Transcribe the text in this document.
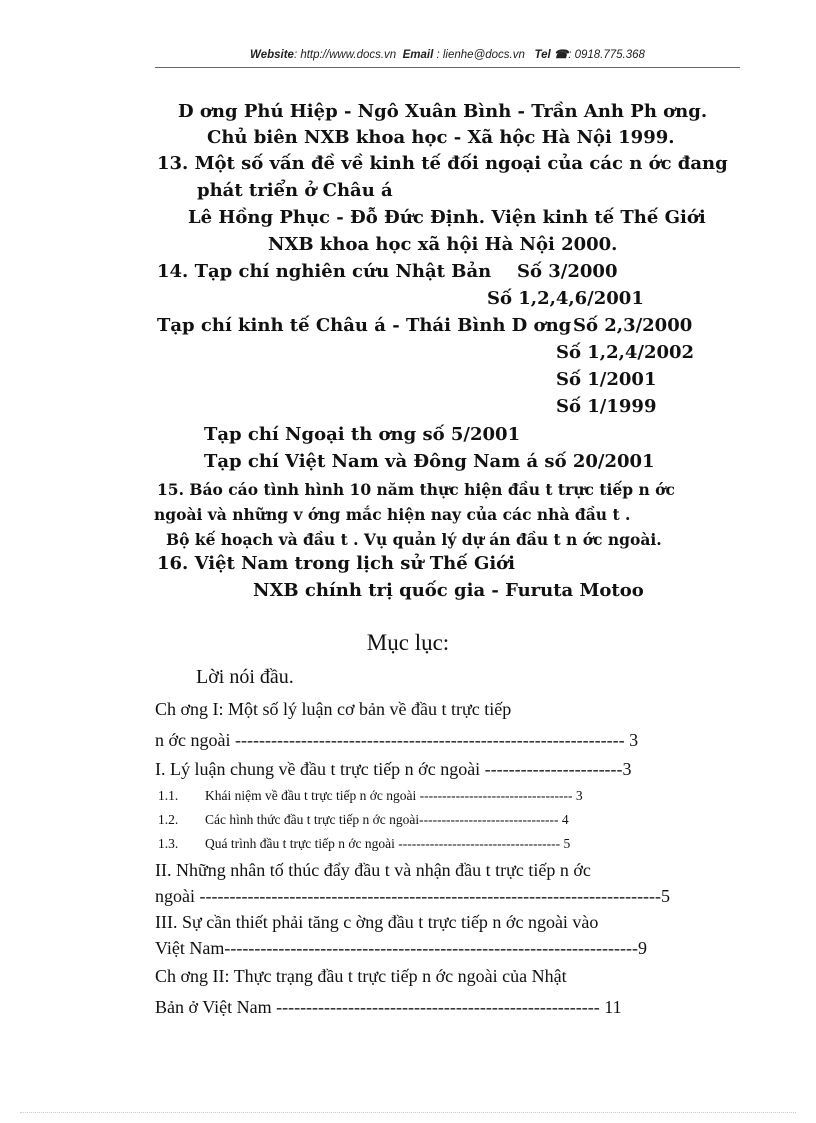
Website: http://www.docs.vn Email : lienhe@docs.vn Tel ☎: 0918.775.368
D ơng Phú Hiệp - Ngô Xuân Bình - Trần Anh Ph ơng.
Chủ biên NXB khoa học - Xã hộc Hà Nội 1999.
13. Một số vấn đề về kinh tế đối ngoại của các n ớc đang
phát triển ở Châu á
Lê Hồng Phục - Đỗ Đức Định. Viện kinh tế Thế Giới
NXB khoa học xã hội Hà Nội 2000.
14. Tạp chí nghiên cứu Nhật Bản Số 3/2000
Số 1,2,4,6/2001
Tạp chí kinh tế Châu á - Thái Bình D ơng Số 2,3/2000
Số 1,2,4/2002
Số 1/2001
Số 1/1999
Tạp chí Ngoại th ơng số 5/2001
Tạp chí Việt Nam và Đông Nam á số 20/2001
15. Báo cáo tình hình 10 năm thực hiện đầu t trực tiếp n ớc
ngoài và những v ớng mắc hiện nay của các nhà đầu t .
Bộ kế hoạch và đầu t . Vụ quản lý dự án đầu t n ớc ngoài.
16. Việt Nam trong lịch sử Thế Giới
NXB chính trị quốc gia - Furuta Motoo
Mục lục:
Lời nói đầu.
Ch ơng I: Một số lý luận cơ bản về đầu t trực tiếp
n ớc ngoài ----------------------------------------------------------------- 3
I. Lý luận chung về đầu t trực tiếp n ớc ngoài -----------------------3
1.1. Khái niệm về đầu t trực tiếp n ớc ngoài ---------------------------------- 3
1.2. Các hình thức đầu t trực tiếp n ớc ngoài------------------------------- 4
1.3. Quá trình đầu t trực tiếp n ớc ngoài ------------------------------------ 5
II. Những nhân tố thúc đẩy đầu t và nhận đầu t trực tiếp n ớc
ngoài -----------------------------------------------------------------------------5
III. Sự cần thiết phải tăng c ờng đầu t trực tiếp n ớc ngoài vào
Việt Nam---------------------------------------------------------------------9
Ch ơng II: Thực trạng đầu t trực tiếp n ớc ngoài của Nhật
Bản ở Việt Nam ------------------------------------------------------ 11
